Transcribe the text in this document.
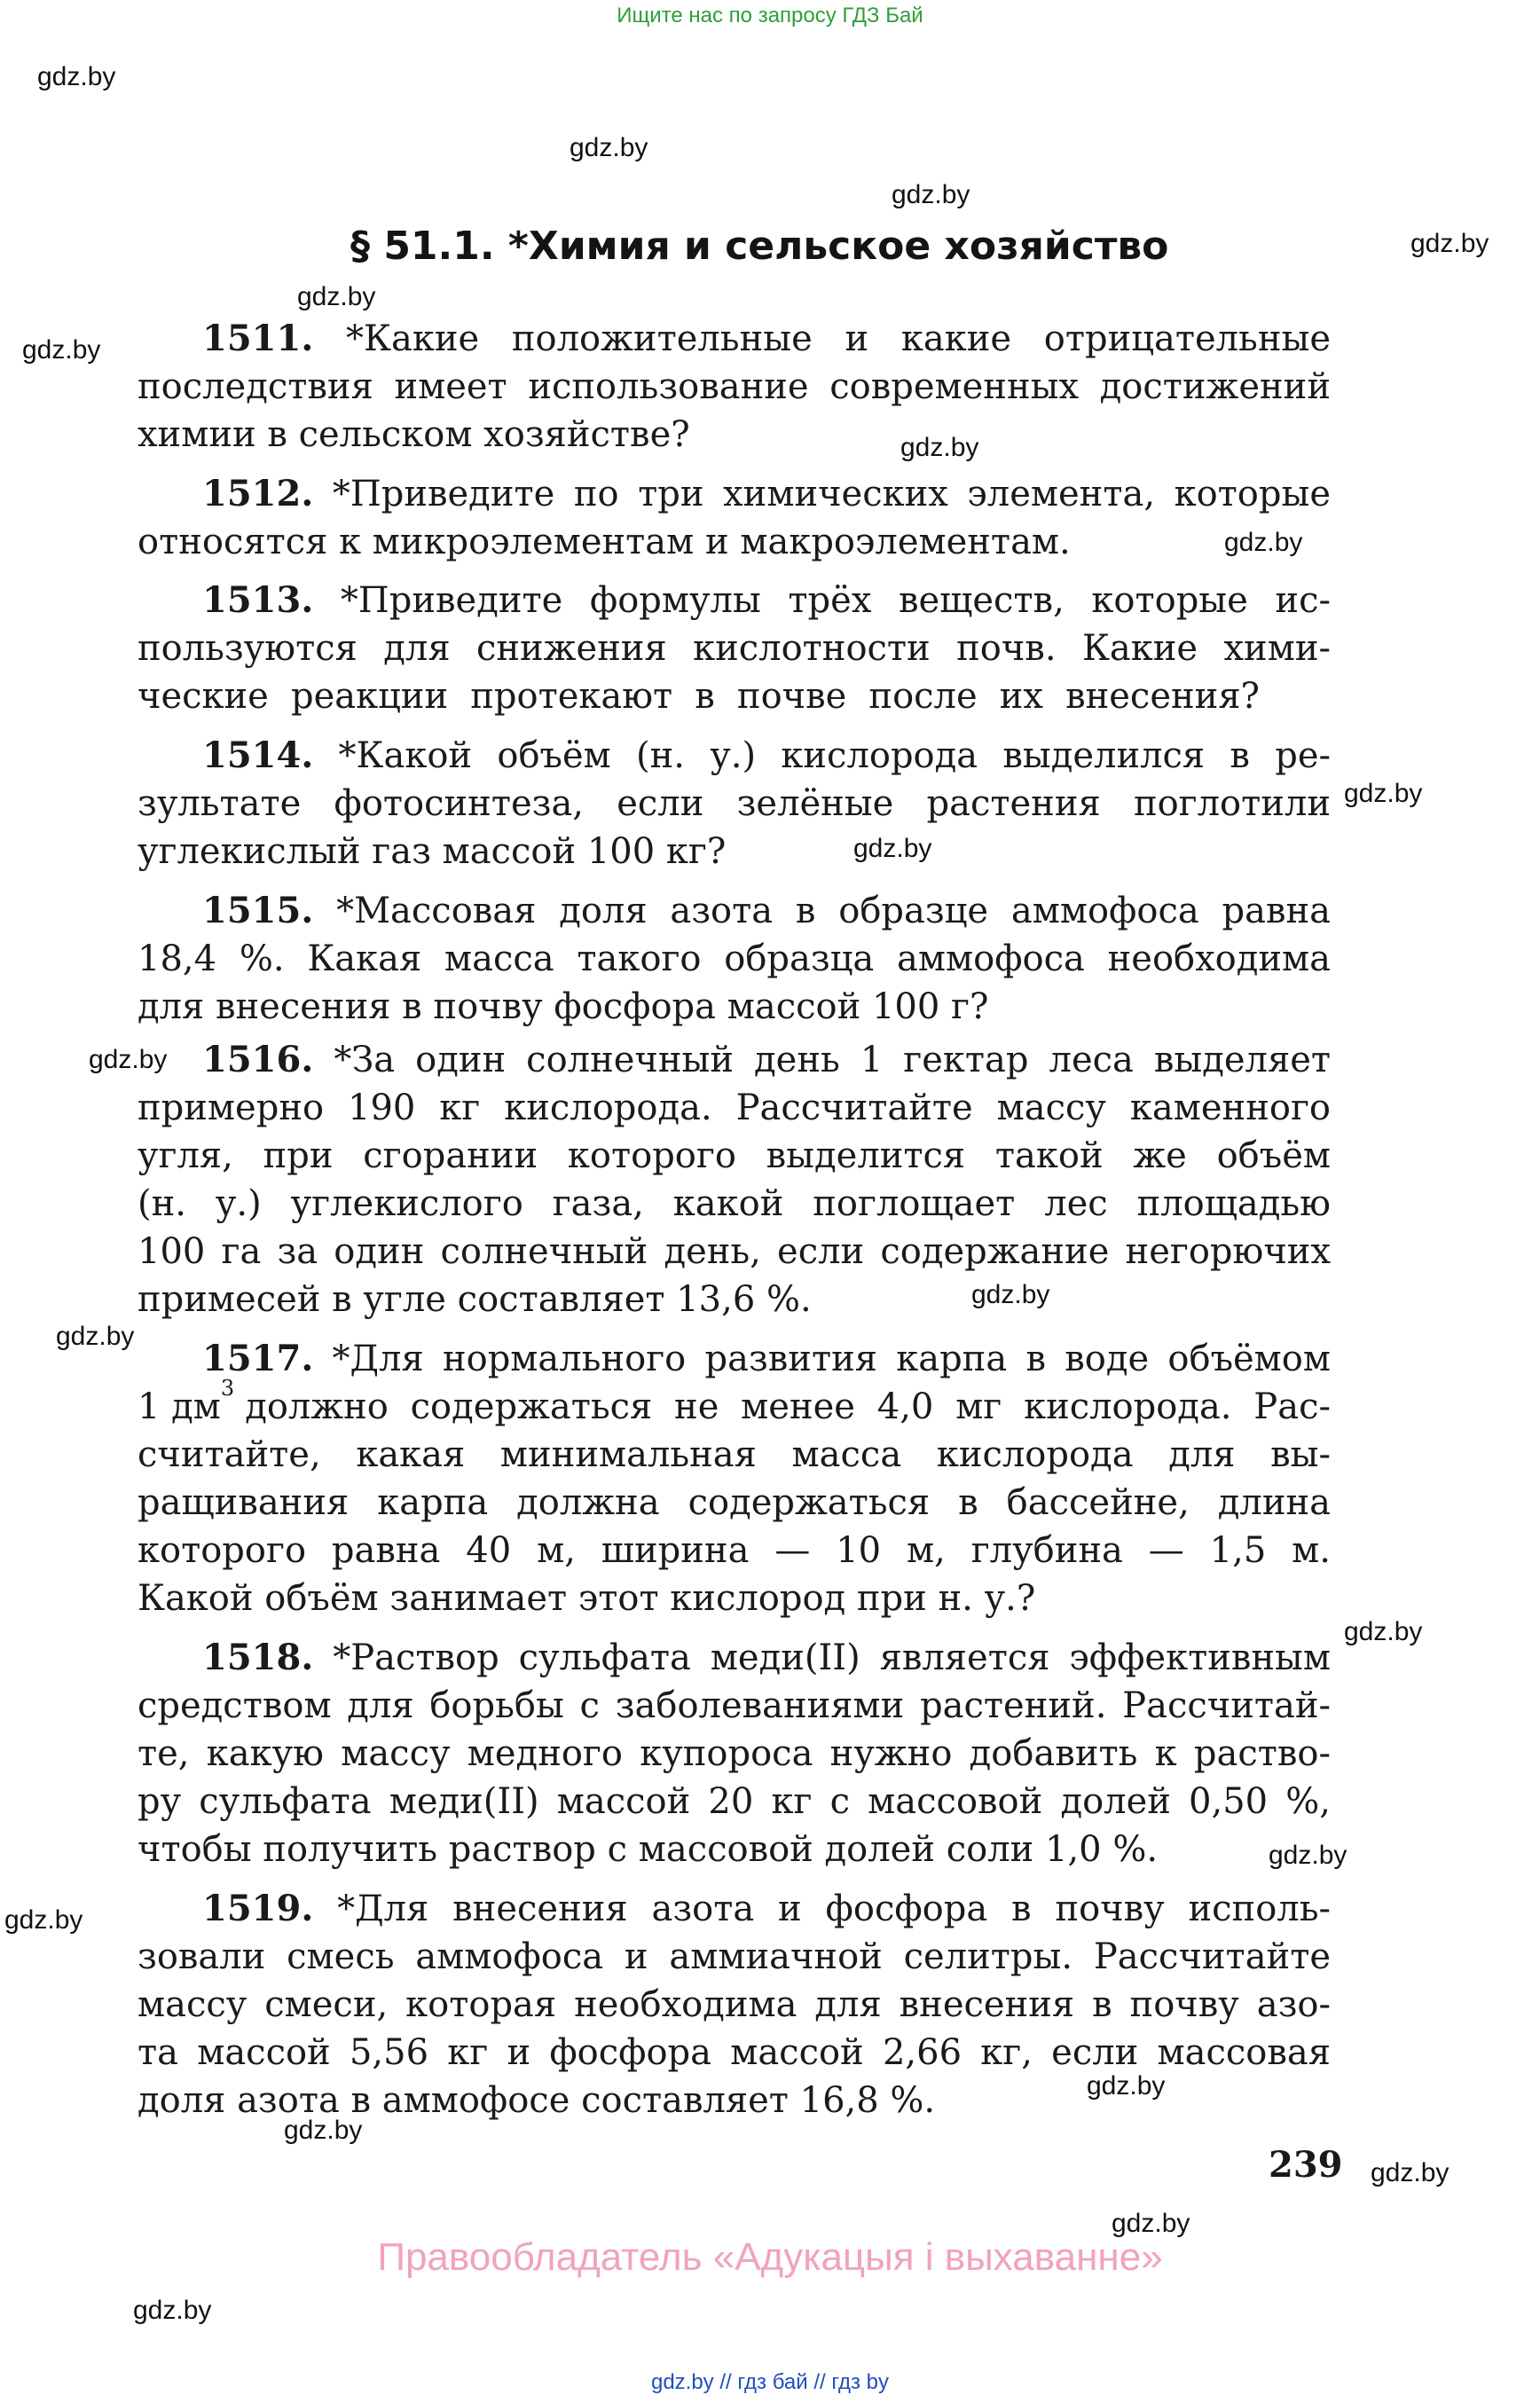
Ищите нас по запросу ГДЗ Бай
gdz.by
gdz.by
gdz.by
gdz.by
gdz.by
gdz.by
gdz.by
gdz.by
gdz.by
gdz.by
gdz.by
gdz.by
gdz.by
gdz.by
gdz.by
gdz.by
gdz.by
gdz.by
gdz.by
gdz.by
gdz.by
§ 51.1. *Химия и сельское хозяйство
1511. *Какие положительные и какие отрицательные
последствия имеет использование современных достижений
химии в сельском хозяйстве?
1512. *Приведите по три химических элемента, которые
относятся к микроэлементам и макроэлементам.
1513. *Приведите формулы трёх веществ, которые ис-
пользуются для снижения кислотности почв. Какие хими-
ческие реакции протекают в почве после их внесения?
1514. *Какой объём (н. у.) кислорода выделился в ре-
зультате фотосинтеза, если зелёные растения поглотили
углекислый газ массой 100 кг?
1515. *Массовая доля азота в образце аммофоса равна
18,4 %. Какая масса такого образца аммофоса необходима
для внесения в почву фосфора массой 100 г?
1516. *За один солнечный день 1 гектар леса выделяет
примерно 190 кг кислорода. Рассчитайте массу каменного
угля, при сгорании которого выделится такой же объём
(н. у.) углекислого газа, какой поглощает лес площадью
100 га за один солнечный день, если содержание негорючих
примесей в угле составляет 13,6 %.
1517. *Для нормального развития карпа в воде объёмом
1 $дм^3$ должно содержаться не менее 4,0 мг кислорода. Рас-
считайте, какая минимальная масса кислорода для вы-
ращивания карпа должна содержаться в бассейне, длина
которого равна 40 м, ширина — 10 м, глубина — 1,5 м.
Какой объём занимает этот кислород при н. у.?
1518. *Раствор сульфата меди(II) является эффективным
средством для борьбы с заболеваниями растений. Рассчитай-
те, какую массу медного купороса нужно добавить к раство-
ру сульфата меди(II) массой 20 кг с массовой долей 0,50 %,
чтобы получить раствор с массовой долей соли 1,0 %.
1519. *Для внесения азота и фосфора в почву исполь-
зовали смесь аммофоса и аммиачной селитры. Рассчитайте
массу смеси, которая необходима для внесения в почву азо-
та массой 5,56 кг и фосфора массой 2,66 кг, если массовая
доля азота в аммофосе составляет 16,8 %.
239
Правообладатель «Адукацыя і выхаванне»
gdz.by // гдз бай // гдз by
